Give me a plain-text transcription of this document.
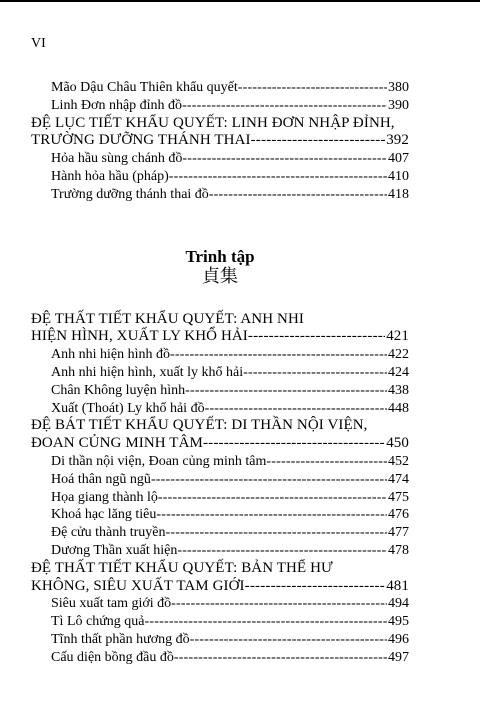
VI
Mão Dậu Châu Thiên khẩu quyết -----	380
Linh Đơn nhập đỉnh đồ -----	390
ĐỆ LỤC TIẾT KHẨU QUYẾT: LINH ĐƠN NHẬP ĐỈNH,
TRƯỜNG DƯỠNG THÁNH THAI -----	392
Hỏa hầu sùng chánh đồ -----	407
Hành hỏa hầu (pháp) -----	410
Trường dưỡng thánh thai đồ -----	418
Trinh tập
貞集
ĐỆ THẤT TIẾT KHẨU QUYẾT: ANH NHI
HIỆN HÌNH, XUẤT LY KHỔ HẢI -----	421
Anh nhi hiện hình đồ -----	422
Anh nhi hiện hình, xuất ly khổ hải -----	424
Chân Không luyện hình -----	438
Xuất (Thoát) Ly khổ hải đồ -----	448
ĐỆ BÁT TIẾT KHẨU QUYẾT: DI THẦN NỘI VIỆN,
ĐOAN CỦNG MINH TÂM -----	450
Di thần nội viện, Đoan củng minh tâm -----	452
Hoá thân ngũ ngũ -----	474
Họa giang thành lộ -----	475
Khoá hạc lăng tiêu -----	476
Đệ cửu thành truyền -----	477
Dương Thần xuất hiện -----	478
ĐỆ THẤT TIẾT KHẨU QUYẾT: BẢN THỂ HƯ
KHÔNG, SIÊU XUẤT TAM GIỚI -----	481
Siêu xuất tam giới đồ -----	494
Tì Lô chứng quả -----	495
Tĩnh thất phần hương đồ -----	496
Cấu diện bồng đầu đồ -----	497
